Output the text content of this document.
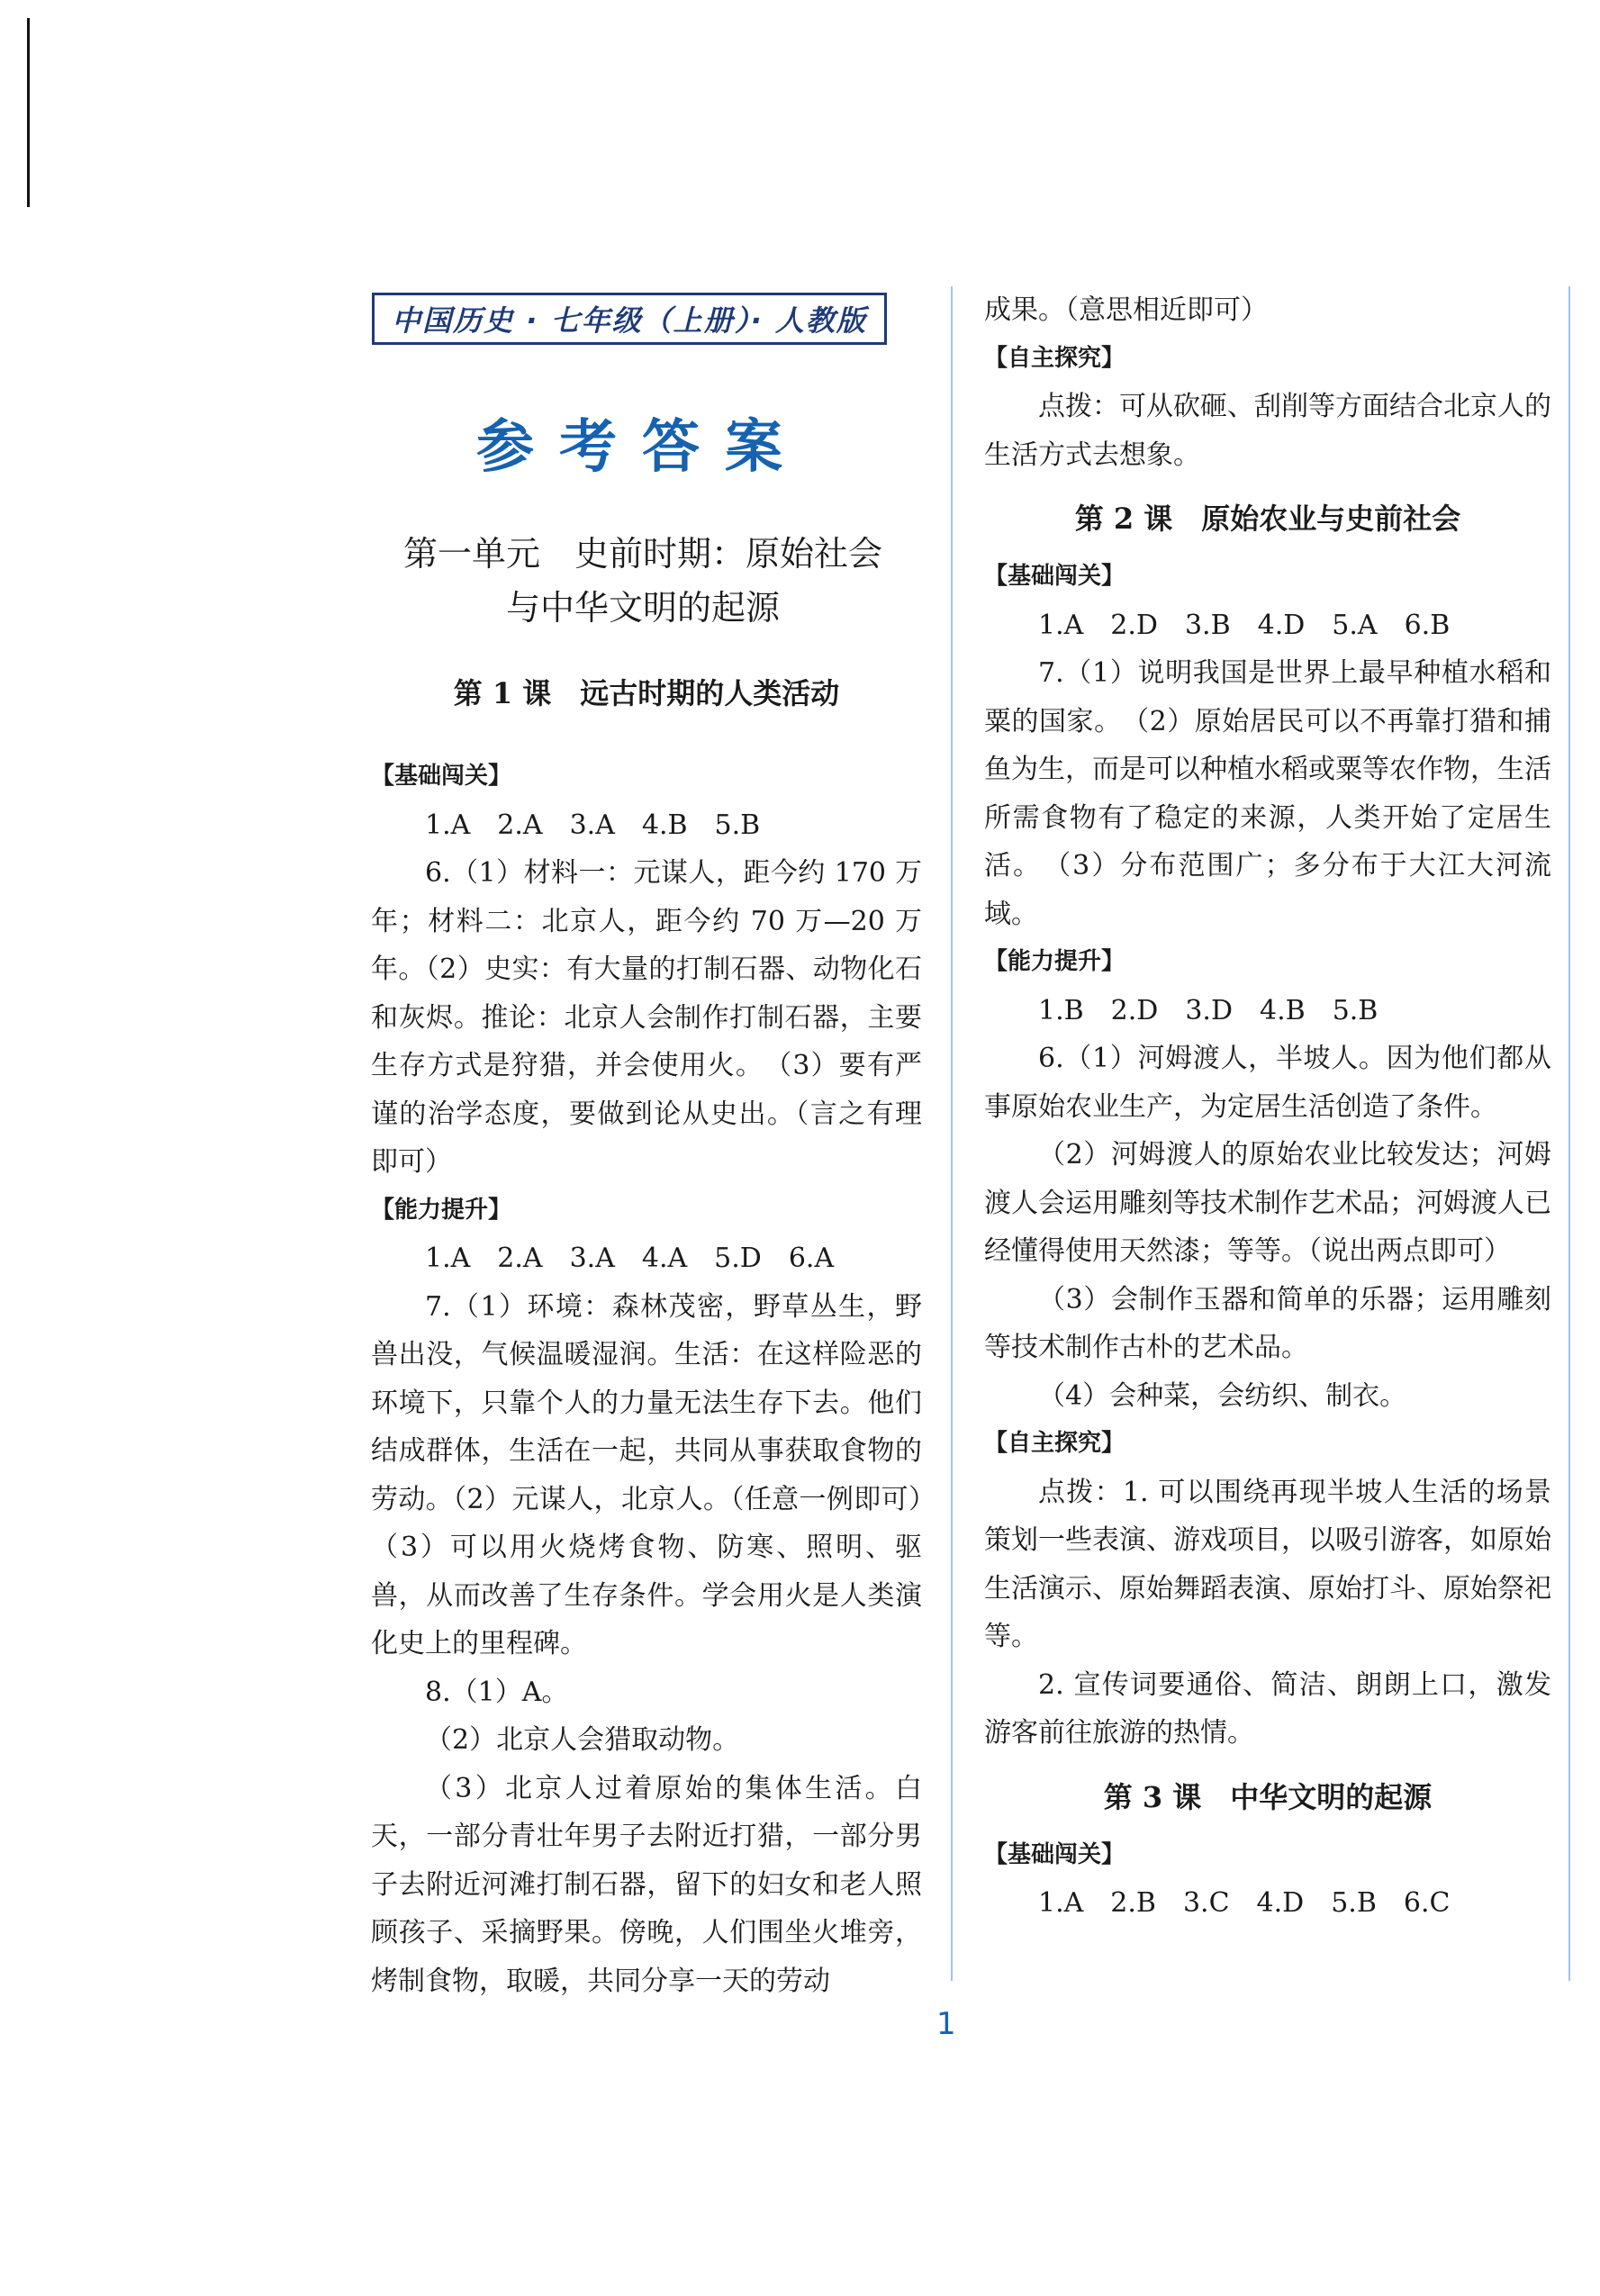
中国历史 · 七年级（上册）· 人教版
参考答案
第一单元　史前时期：原始社会
与中华文明的起源
第 1 课　远古时期的人类活动
【基础闯关】
1.A　2.A　3.A　4.B　5.B
6.（1）材料一：元谋人，距今约 170 万年；材料二：北京人，距今约 70 万—20 万年。（2）史实：有大量的打制石器、动物化石和灰烬。推论：北京人会制作打制石器，主要生存方式是狩猎，并会使用火。　（3）要有严谨的治学态度，要做到论从史出。（言之有理即可）
【能力提升】
1.A　2.A　3.A　4.A　5.D　6.A
7.（1）环境：森林茂密，野草丛生，野兽出没，气候温暖湿润。生活：在这样险恶的环境下，只靠个人的力量无法生存下去。他们结成群体，生活在一起，共同从事获取食物的劳动。（2）元谋人，北京人。（任意一例即可）（3）可以用火烧烤食物、防寒、照明、驱兽，从而改善了生存条件。学会用火是人类演化史上的里程碑。
8.（1）A。
（2）北京人会猎取动物。
（3）北京人过着原始的集体生活。白天，一部分青壮年男子去附近打猎，一部分男子去附近河滩打制石器，留下的妇女和老人照顾孩子、采摘野果。傍晚，人们围坐火堆旁，烤制食物，取暖，共同分享一天的劳动
成果。（意思相近即可）
【自主探究】
点拨：可从砍砸、刮削等方面结合北京人的生活方式去想象。
第 2 课　原始农业与史前社会
【基础闯关】
1.A　2.D　3.B　4.D　5.A　6.B
7.（1）说明我国是世界上最早种植水稻和粟的国家。　（2）原始居民可以不再靠打猎和捕鱼为生，而是可以种植水稻或粟等农作物，生活所需食物有了稳定的来源，人类开始了定居生活。　（3）分布范围广；多分布于大江大河流域。
【能力提升】
1.B　2.D　3.D　4.B　5.B
6.（1）河姆渡人，半坡人。因为他们都从事原始农业生产，为定居生活创造了条件。
（2）河姆渡人的原始农业比较发达；河姆渡人会运用雕刻等技术制作艺术品；河姆渡人已经懂得使用天然漆；等等。（说出两点即可）
（3）会制作玉器和简单的乐器；运用雕刻等技术制作古朴的艺术品。
（4）会种菜，会纺织、制衣。
【自主探究】
点拨：1. 可以围绕再现半坡人生活的场景策划一些表演、游戏项目，以吸引游客，如原始生活演示、原始舞蹈表演、原始打斗、原始祭祀等。
2. 宣传词要通俗、简洁、朗朗上口，激发游客前往旅游的热情。
第 3 课　中华文明的起源
【基础闯关】
1.A　2.B　3.C　4.D　5.B　6.C
1
